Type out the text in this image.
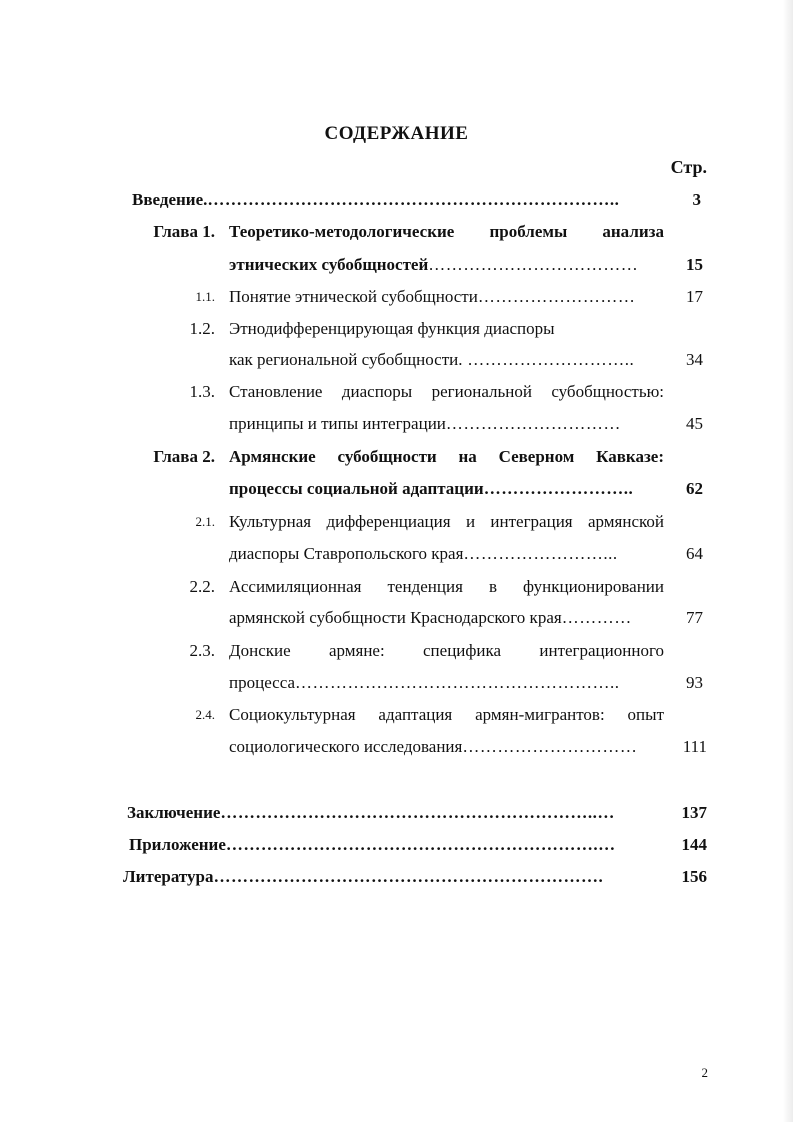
СОДЕРЖАНИЕ
Стр.
Введение.……………………………………………………………..	3
Глава 1. Теоретико-методологические проблемы анализа
этнических субобщностей………………………………	15
1.1. Понятие этнической субобщности………………………	17
1.2. Этнодифференцирующая функция диаспоры
как региональной субобщности. ………………………..	34
1.3. Становление диаспоры региональной субобщностью:
принципы и типы интеграции…………………………	45
Глава 2. Армянские субобщности на Северном Кавказе:
процессы социальной адаптации……………………..	62
2.1. Культурная дифференциация и интеграция армянской
диаспоры Ставропольского края……………………...	64
2.2. Ассимиляционная тенденция в функционировании
армянской субобщности Краснодарского края…………	77
2.3. Донские армяне: специфика интеграционного
процесса………………………………………………..	93
2.4. Социокультурная адаптация армян-мигрантов: опыт
социологического исследования…………………………	111
Заключение………………………………………………………..…	137
Приложение……………………………………………………….…	144
Литература………………………………………………………….	156
2
